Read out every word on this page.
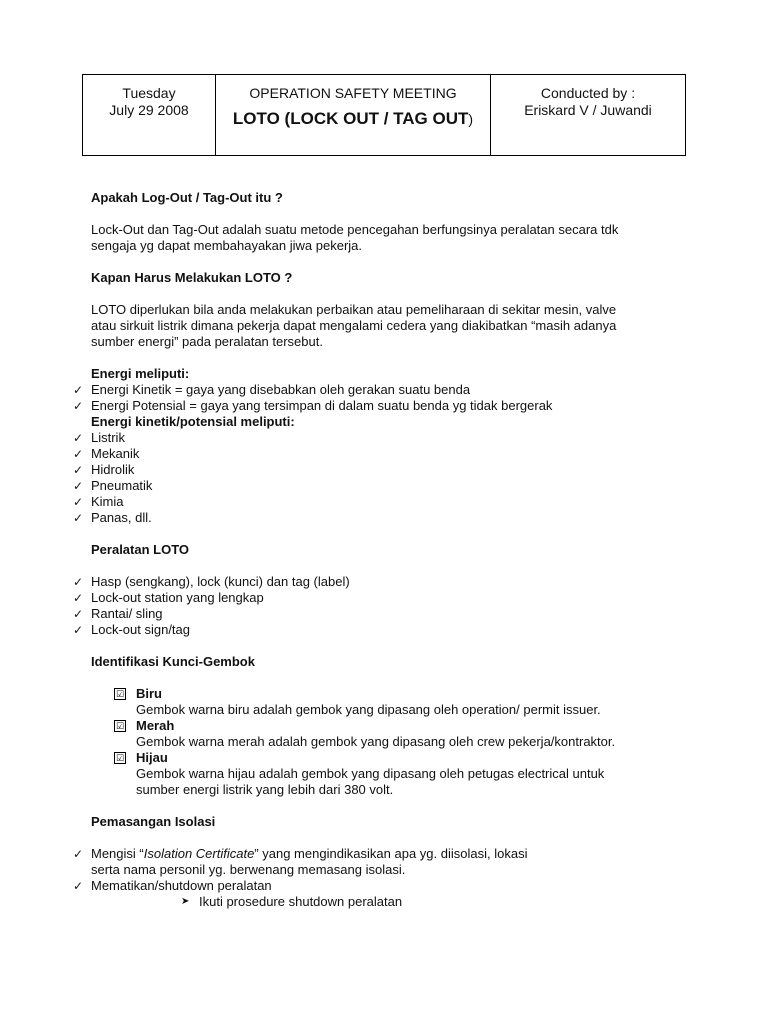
Tuesday
July 29 2008
OPERATION SAFETY MEETING
LOTO (LOCK OUT / TAG OUT)
Conducted by :
Eriskard V / Juwandi

Apakah Log-Out / Tag-Out itu ?

Lock-Out dan Tag-Out adalah suatu metode pencegahan berfungsinya peralatan secara tdk

sengaja yg dapat membahayakan jiwa pekerja.

Kapan Harus Melakukan LOTO ?

LOTO diperlukan bila anda melakukan perbaikan atau pemeliharaan di sekitar mesin, valve

atau sirkuit listrik dimana pekerja dapat mengalami cedera yang diakibatkan “masih adanya

sumber energi” pada peralatan tersebut.

Energi meliputi:

✓ Energi Kinetik = gaya yang disebabkan oleh gerakan suatu benda
✓ Energi Potensial = gaya yang tersimpan di dalam suatu benda yg tidak bergerak

Energi kinetik/potensial meliputi:

✓ Listrik
✓ Mekanik
✓ Hidrolik
✓ Pneumatik
✓ Kimia
✓ Panas, dll.

Peralatan LOTO

✓ Hasp (sengkang), lock (kunci) dan tag (label)
✓ Lock-out station yang lengkap
✓ Rantai/ sling
✓ Lock-out sign/tag

Identifikasi Kunci-Gembok

☑ Biru

Gembok warna biru adalah gembok yang dipasang oleh operation/ permit issuer.

☑ Merah

Gembok warna merah adalah gembok yang dipasang oleh crew pekerja/kontraktor.

☑ Hijau

Gembok warna hijau adalah gembok yang dipasang oleh petugas electrical untuk

sumber energi listrik yang lebih dari 380 volt.

Pemasangan Isolasi

✓ Mengisi “Isolation Certificate” yang mengindikasikan apa yg. diisolasi, lokasi
serta nama personil yg. berwenang memasang isolasi.
✓ Mematikan/shutdown peralatan
➤ Ikuti prosedure shutdown peralatan
